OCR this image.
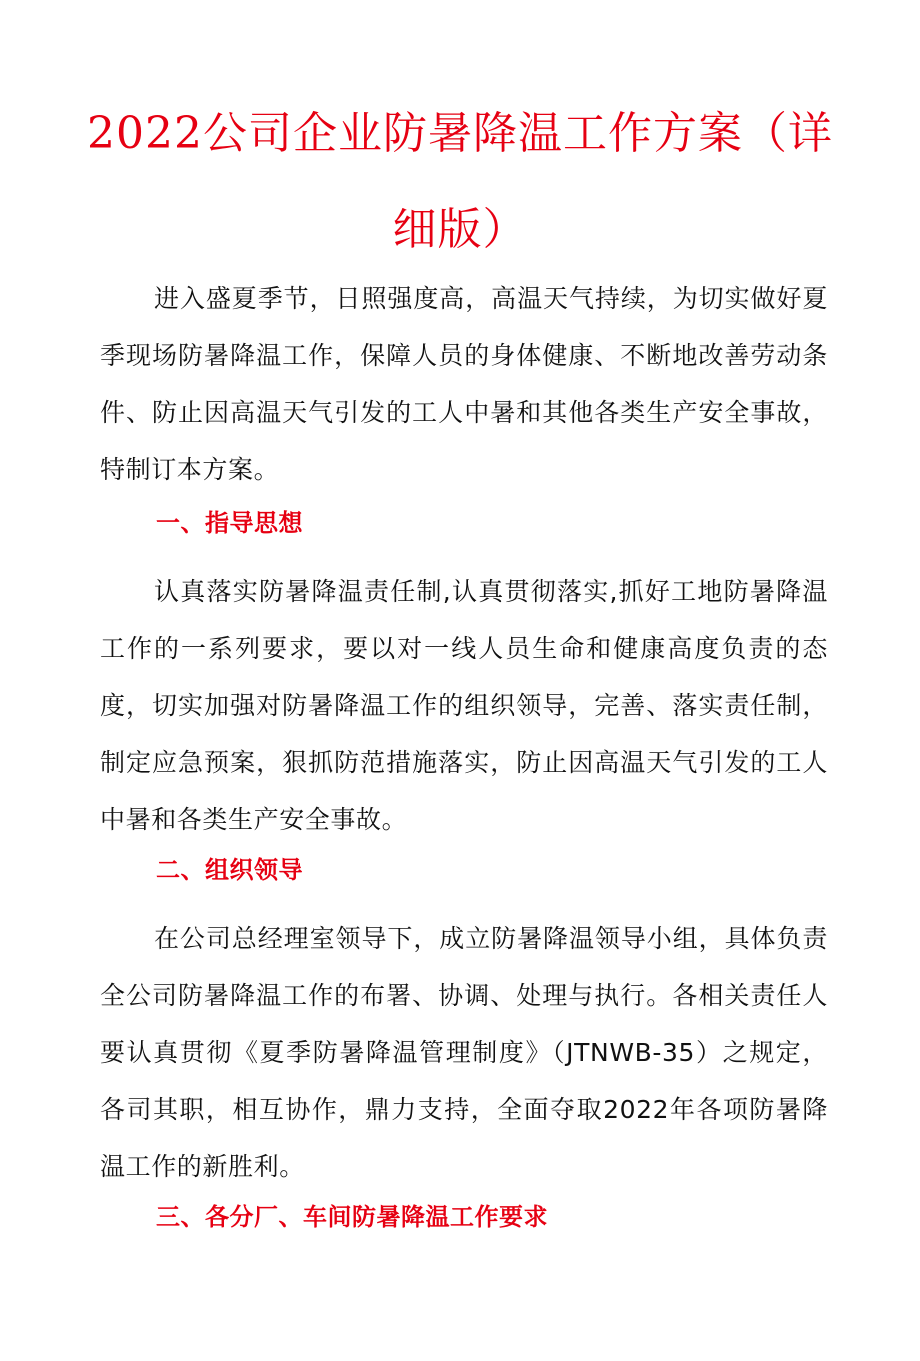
2022公司企业防暑降温工作方案（详细版）

进入盛夏季节，日照强度高，高温天气持续，为切实做好夏季现场防暑降温工作，保障人员的身体健康、不断地改善劳动条件、防止因高温天气引发的工人中暑和其他各类生产安全事故，特制订本方案。

一、指导思想

认真落实防暑降温责任制,认真贯彻落实,抓好工地防暑降温工作的一系列要求，要以对一线人员生命和健康高度负责的态度，切实加强对防暑降温工作的组织领导，完善、落实责任制，制定应急预案，狠抓防范措施落实，防止因高温天气引发的工人中暑和各类生产安全事故。

二、组织领导

在公司总经理室领导下，成立防暑降温领导小组，具体负责全公司防暑降温工作的布署、协调、处理与执行。各相关责任人要认真贯彻《夏季防暑降温管理制度》（JTNWB-35）之规定，各司其职，相互协作，鼎力支持，全面夺取2022年各项防暑降温工作的新胜利。

三、各分厂、车间防暑降温工作要求
